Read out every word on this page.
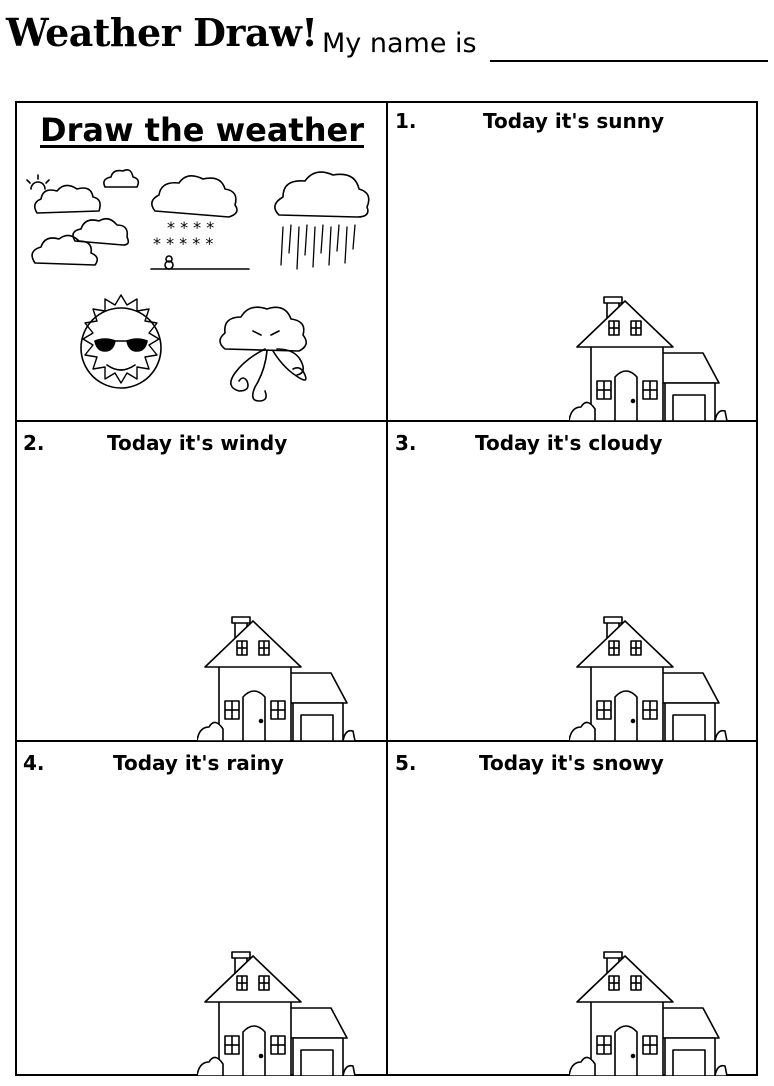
Weather Draw! My name is
Draw the weather
* * * *
* * * * *
1.	Today it's sunny
2.	Today it's windy	3.	Today it's cloudy
4.	Today it's rainy	5.	Today it's snowy
